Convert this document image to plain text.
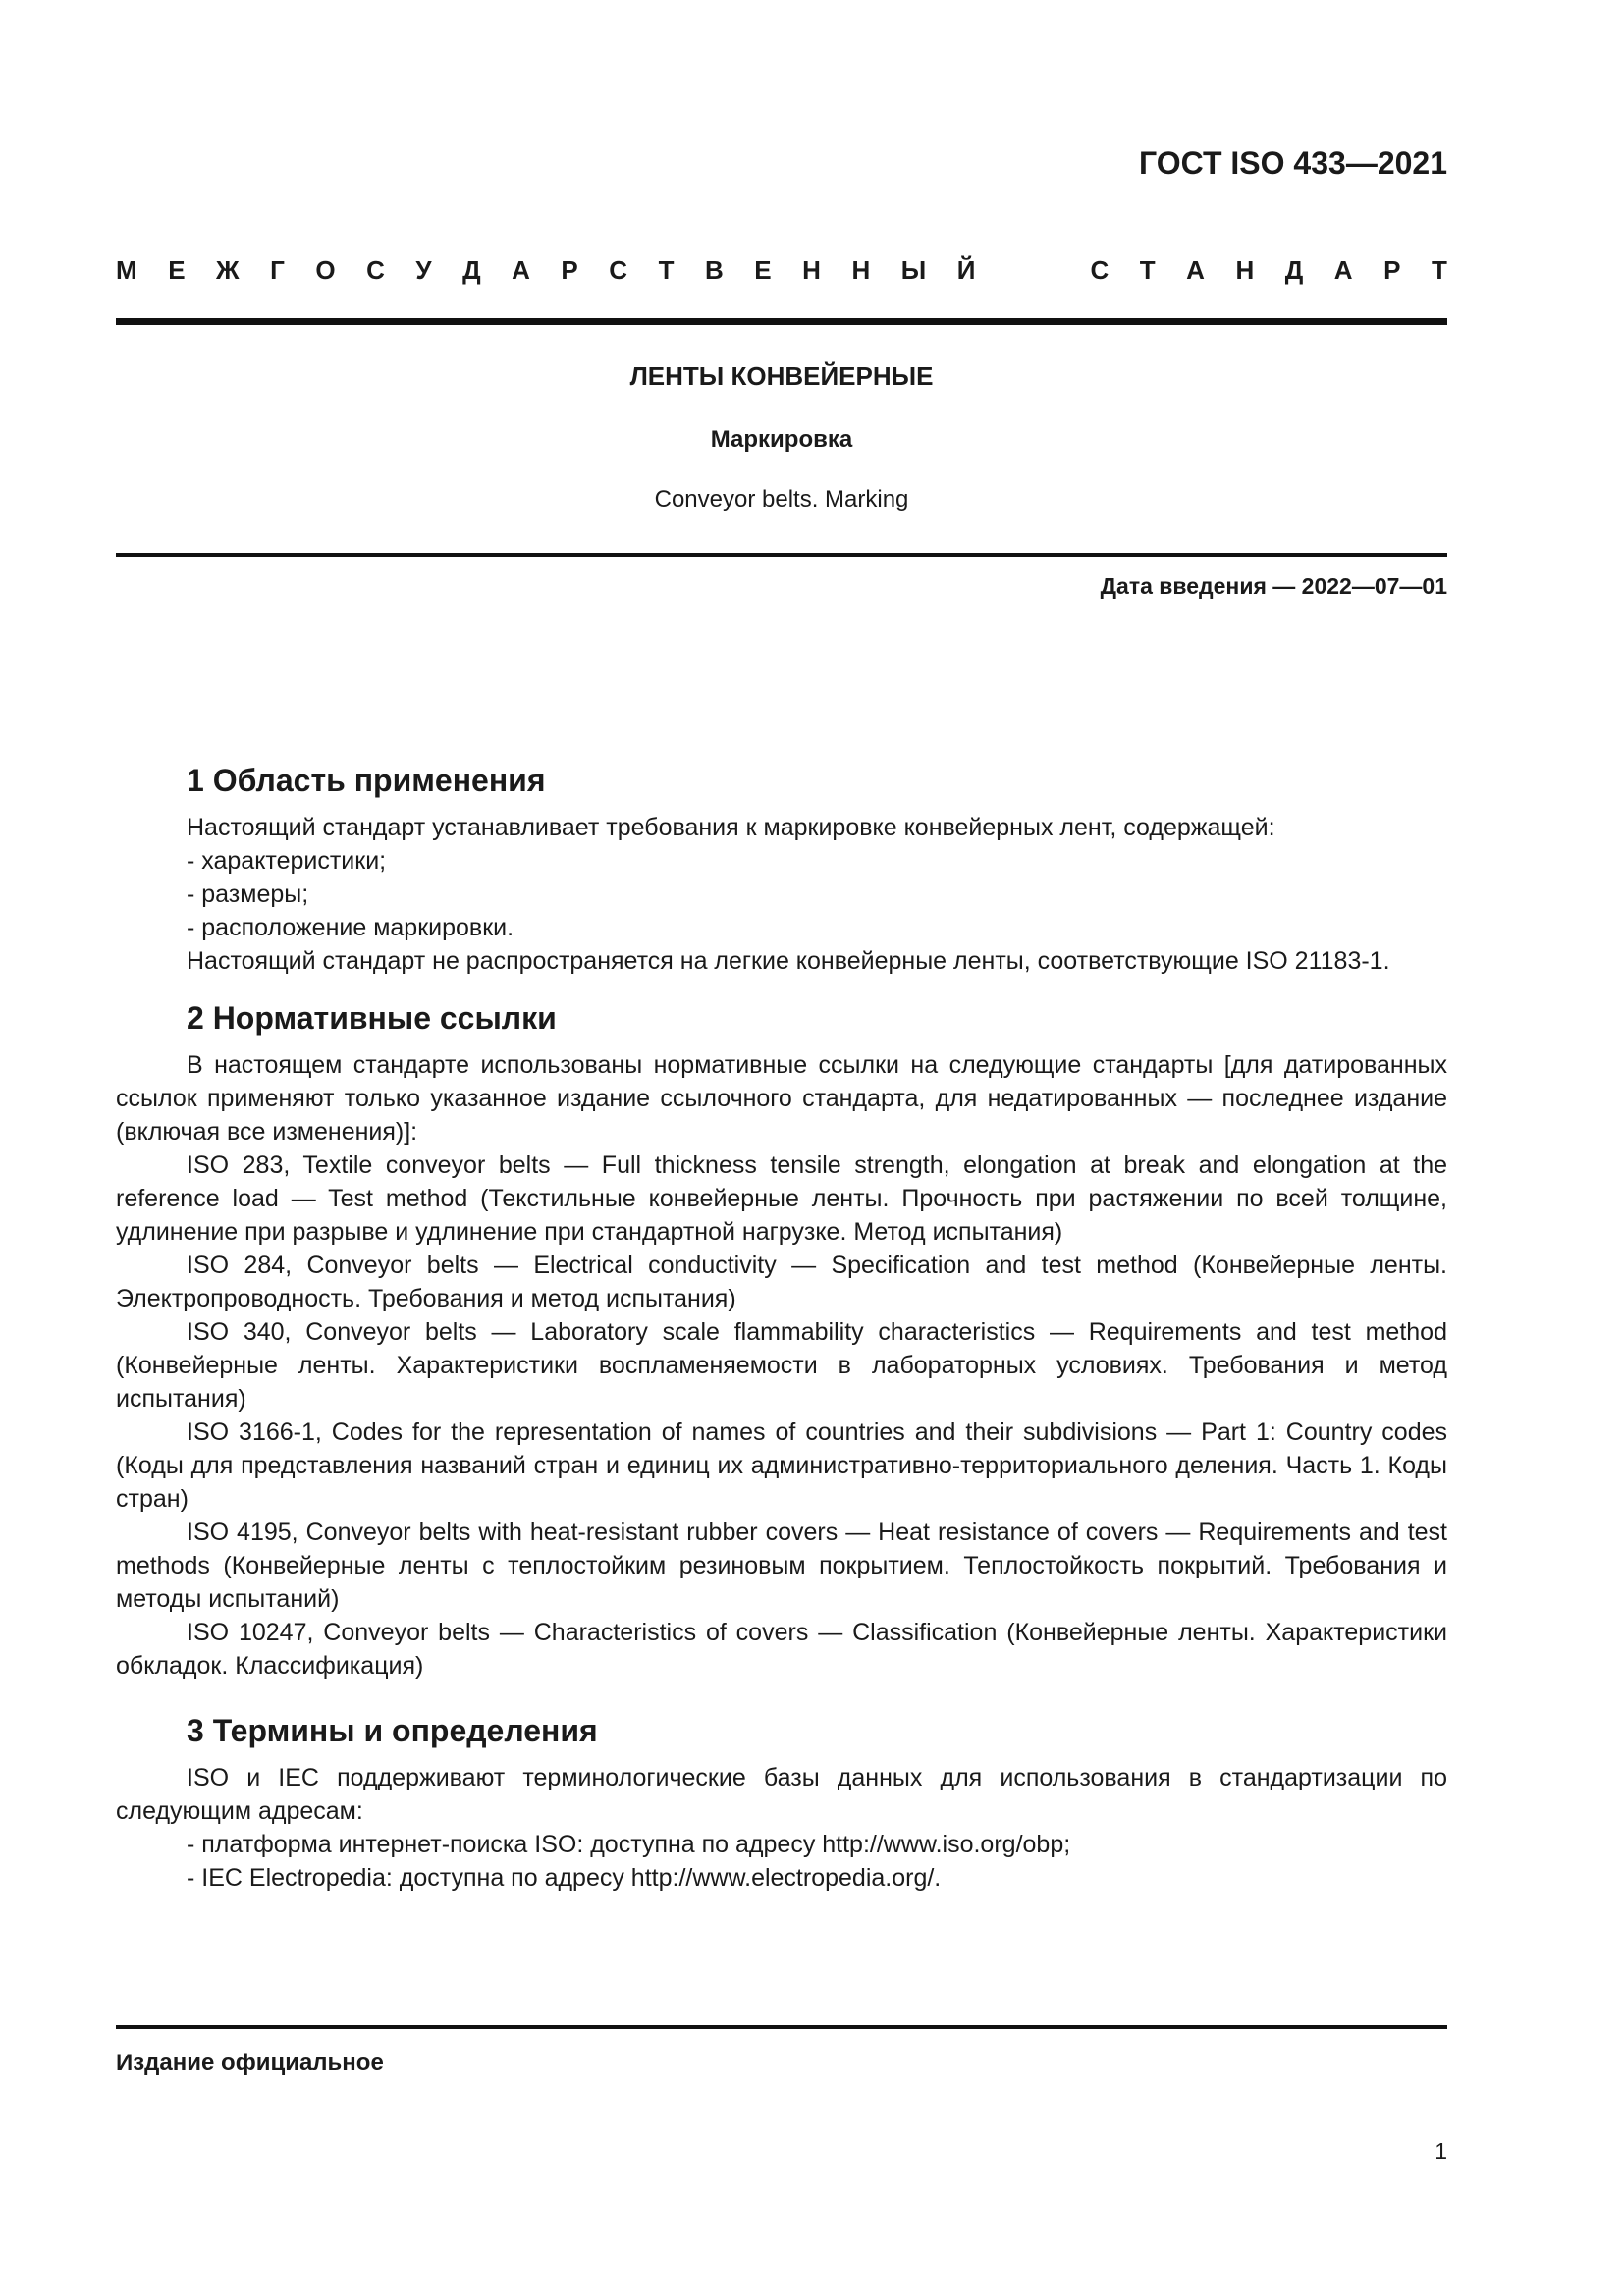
ГОСТ ISO 433—2021
М Е Ж Г О С У Д А Р С Т В Е Н Н Ы Й	С Т А Н Д А Р Т
ЛЕНТЫ КОНВЕЙЕРНЫЕ
Маркировка
Conveyor belts. Marking
Дата введения — 2022—07—01
1 Область применения

Настоящий стандарт устанавливает требования к маркировке конвейерных лент, содержащей:

- характеристики;

- размеры;

- расположение маркировки.

Настоящий стандарт не распространяется на легкие конвейерные ленты, соответствующие ISO 21183-1.

2 Нормативные ссылки

В настоящем стандарте использованы нормативные ссылки на следующие стандарты [для датированных ссылок применяют только указанное издание ссылочного стандарта, для недатированных — последнее издание (включая все изменения)]:

ISO 283, Textile conveyor belts — Full thickness tensile strength, elongation at break and elongation at the reference load — Test method (Текстильные конвейерные ленты. Прочность при растяжении по всей толщине, удлинение при разрыве и удлинение при стандартной нагрузке. Метод испытания)

ISO 284, Conveyor belts — Electrical conductivity — Specification and test method (Конвейерные ленты. Электропроводность. Требования и метод испытания)

ISO 340, Conveyor belts — Laboratory scale flammability characteristics — Requirements and test method (Конвейерные ленты. Характеристики воспламеняемости в лабораторных условиях. Требования и метод испытания)

ISO 3166-1, Codes for the representation of names of countries and their subdivisions — Part 1: Country codes (Коды для представления названий стран и единиц их административно-территориального деления. Часть 1. Коды стран)

ISO 4195, Conveyor belts with heat-resistant rubber covers — Heat resistance of covers — Requirements and test methods (Конвейерные ленты с теплостойким резиновым покрытием. Теплостойкость покрытий. Требования и методы испытаний)

ISO 10247, Conveyor belts — Characteristics of covers — Classification (Конвейерные ленты. Характеристики обкладок. Классификация)

3 Термины и определения

ISO и IEC поддерживают терминологические базы данных для использования в стандартизации по следующим адресам:

- платформа интернет-поиска ISO: доступна по адресу http://www.iso.org/obp;

- IEC Electropedia: доступна по адресу http://www.electropedia.org/.

Издание официальное
1
